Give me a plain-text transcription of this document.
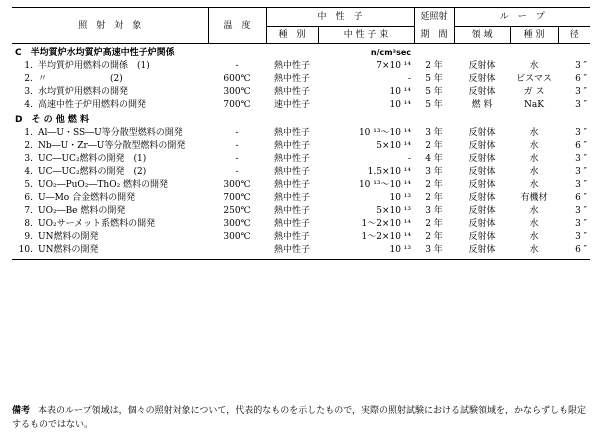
照　射　対　象	温　度	中　性　子		延照射	ル　ー　プ		
		種　別	中 性 子 束	期　間	領 域	種 別	径
C　半均質炉水均質炉高速中性子炉関係			n/cm²sec				

1. 半均質炉用燃料の開係　(1)	-	熱中性子	7×10 ¹⁴	2 年	反射体	水	3 ″

2. 〃　　　　　　　(2)	600℃	熱中性子	-	5 年	反射体	ビスマス	6 ″

3. 水均質炉用燃料の開発	300℃	熱中性子	10 ¹⁴	5 年	反射体	ガ ス	3 ″

4. 高速中性子炉用燃料の開発	700℃	速中性子	10 ¹⁴	5 年	燃 料	NaK	3 ″
D　そ の 他 燃 料							

1. Al―U・SS―U等分散型燃料の開発	-	熱中性子	10 ¹³～10 ¹⁴	3 年	反射体	水	3 ″

2. Nb―U・Zr―U等分散型燃料の開発	-	熱中性子	5×10 ¹⁴	2 年	反射体	水	6 ″

3. UC―UC₂燃料の開発　(1)	-	熱中性子	-	4 年	反射体	水	3 ″

4. UC―UC₂燃料の開発　(2)	-	熱中性子	1.5×10 ¹⁴	3 年	反射体	水	3 ″

5. UO₂―PuO₂―ThO₂ 燃料の開発	300℃	熱中性子	10 ¹³～10 ¹⁴	2 年	反射体	水	3 ″

6. U―Mo 合金燃料の開発	700℃	熱中性子	10 ¹³	2 年	反射体	有機材	6 ″

7. UO₂―Be 燃料の開発	250℃	熱中性子	5×10 ¹³	3 年	反射体	水	3 ″

8. UO₂サーメット系燃料の開発	300℃	熱中性子	1～2×10 ¹⁴	2 年	反射体	水	3 ″

9. UN燃料の開発	300℃	熱中性子	1～2×10 ¹⁴	2 年	反射体	水	3 ″

10. UN燃料の開発		熱中性子	10 ¹³	3 年	反射体	水	6 ″

備考 本表のループ領域は，個々の照射対象について，代表的なものを示したもので，実際の照射試験における試験領域を，かならずしも限定するものではない。
